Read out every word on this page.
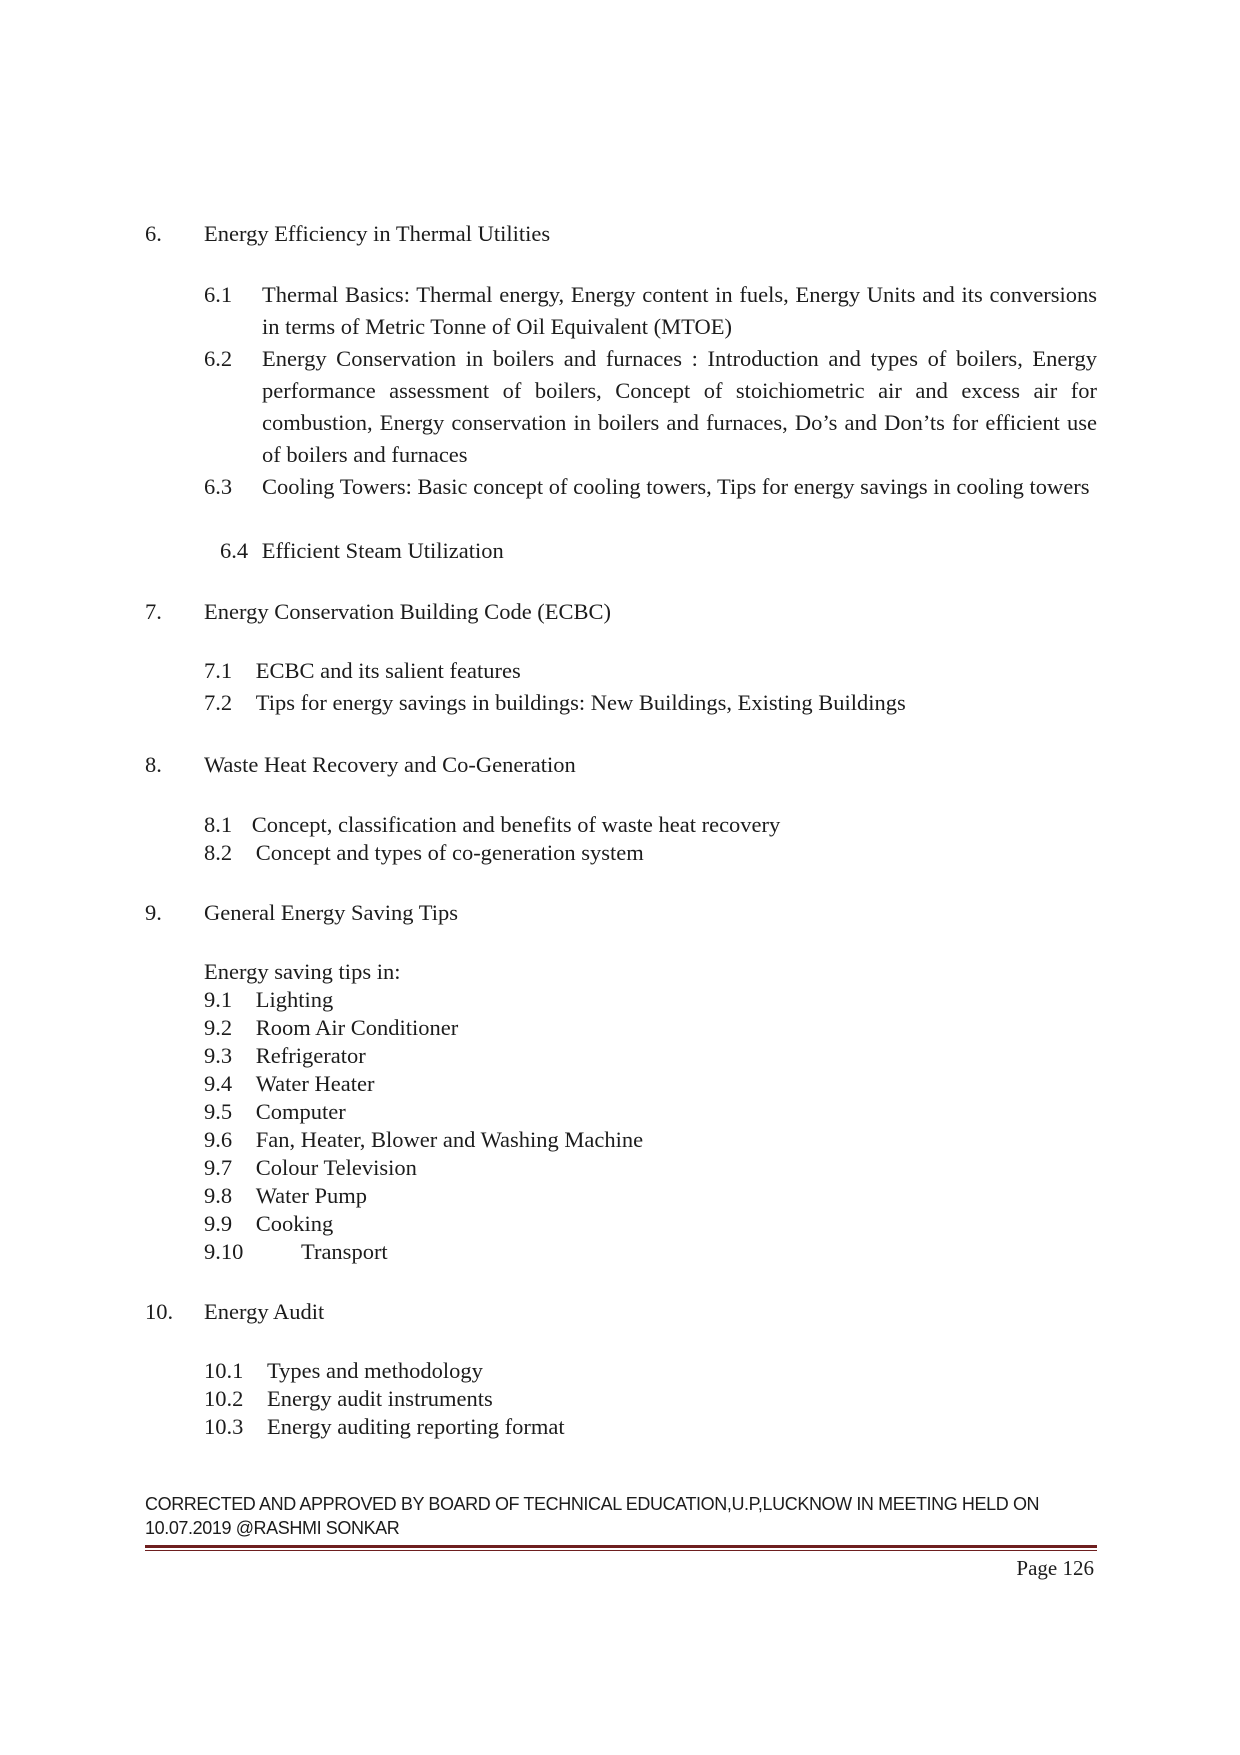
6. Energy Efficiency in Thermal Utilities
6.1 Thermal Basics: Thermal energy, Energy content in fuels, Energy Units and its conversions in terms of Metric Tonne of Oil Equivalent (MTOE)
6.2 Energy Conservation in boilers and furnaces : Introduction and types of boilers, Energy performance assessment of boilers, Concept of stoichiometric air and excess air for combustion, Energy conservation in boilers and furnaces, Do’s and Don’ts for efficient use of boilers and furnaces
6.3 Cooling Towers: Basic concept of cooling towers, Tips for energy savings in cooling towers
6.4 Efficient Steam Utilization
7. Energy Conservation Building Code (ECBC)
7.1 ECBC and its salient features
7.2 Tips for energy savings in buildings: New Buildings, Existing Buildings
8. Waste Heat Recovery and Co-Generation
8.1 Concept, classification and benefits of waste heat recovery
8.2 Concept and types of co-generation system
9. General Energy Saving Tips
Energy saving tips in:
9.1 Lighting
9.2 Room Air Conditioner
9.3 Refrigerator
9.4 Water Heater
9.5 Computer
9.6 Fan, Heater, Blower and Washing Machine
9.7 Colour Television
9.8 Water Pump
9.9 Cooking
9.10	Transport
10. Energy Audit
10.1 Types and methodology
10.2 Energy audit instruments
10.3 Energy auditing reporting format
CORRECTED AND APPROVED BY BOARD OF TECHNICAL EDUCATION,U.P,LUCKNOW IN MEETING HELD ON
10.07.2019 @RASHMI SONKAR
Page 126
